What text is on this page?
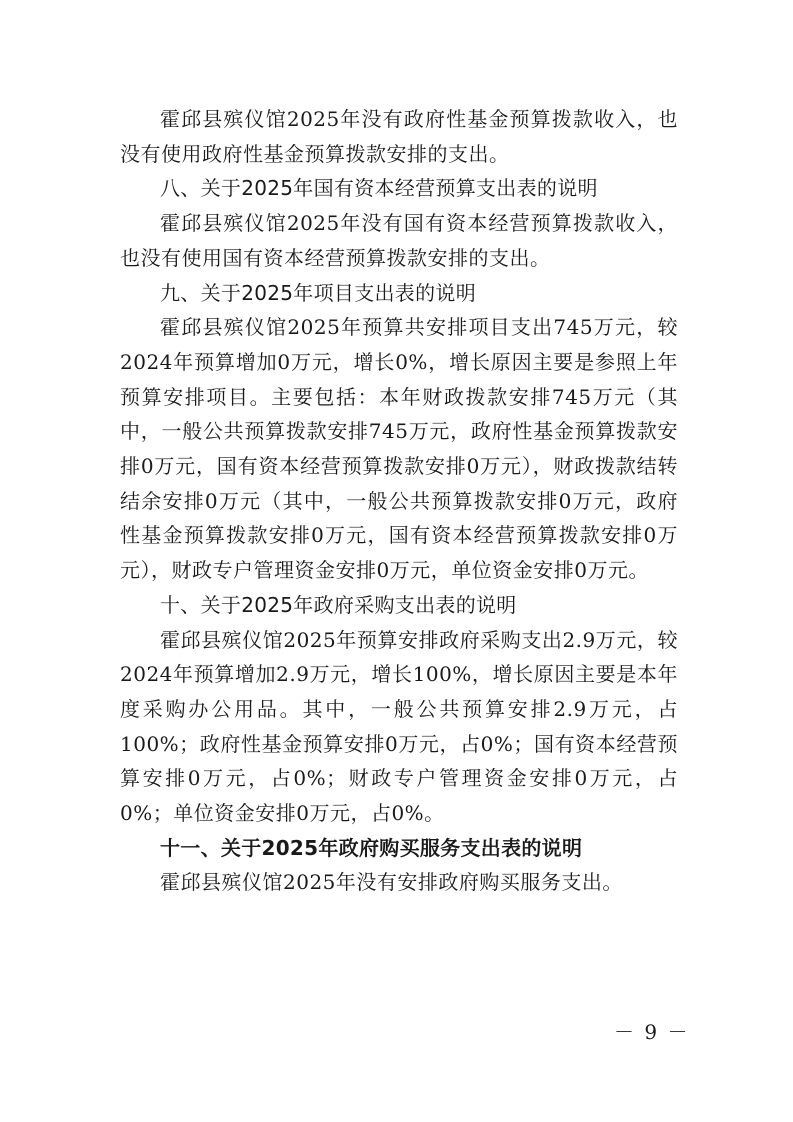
霍邱县殡仪馆2025年没有政府性基金预算拨款收入，也没有使用政府性基金预算拨款安排的支出。

八、关于2025年国有资本经营预算支出表的说明

霍邱县殡仪馆2025年没有国有资本经营预算拨款收入，也没有使用国有资本经营预算拨款安排的支出。

九、关于2025年项目支出表的说明

霍邱县殡仪馆2025年预算共安排项目支出745万元，较2024年预算增加0万元，增长0%，增长原因主要是参照上年预算安排项目。主要包括：本年财政拨款安排745万元（其中，一般公共预算拨款安排745万元，政府性基金预算拨款安排0万元，国有资本经营预算拨款安排0万元），财政拨款结转结余安排0万元（其中，一般公共预算拨款安排0万元，政府性基金预算拨款安排0万元，国有资本经营预算拨款安排0万元），财政专户管理资金安排0万元，单位资金安排0万元。

十、关于2025年政府采购支出表的说明

霍邱县殡仪馆2025年预算安排政府采购支出2.9万元，较2024年预算增加2.9万元，增长100%，增长原因主要是本年度采购办公用品。其中，一般公共预算安排2.9万元，占100%；政府性基金预算安排0万元，占0%；国有资本经营预算安排0万元，占0%；财政专户管理资金安排0万元，占0%；单位资金安排0万元，占0%。

十一、关于2025年政府购买服务支出表的说明

霍邱县殡仪馆2025年没有安排政府购买服务支出。

－ 9 －
